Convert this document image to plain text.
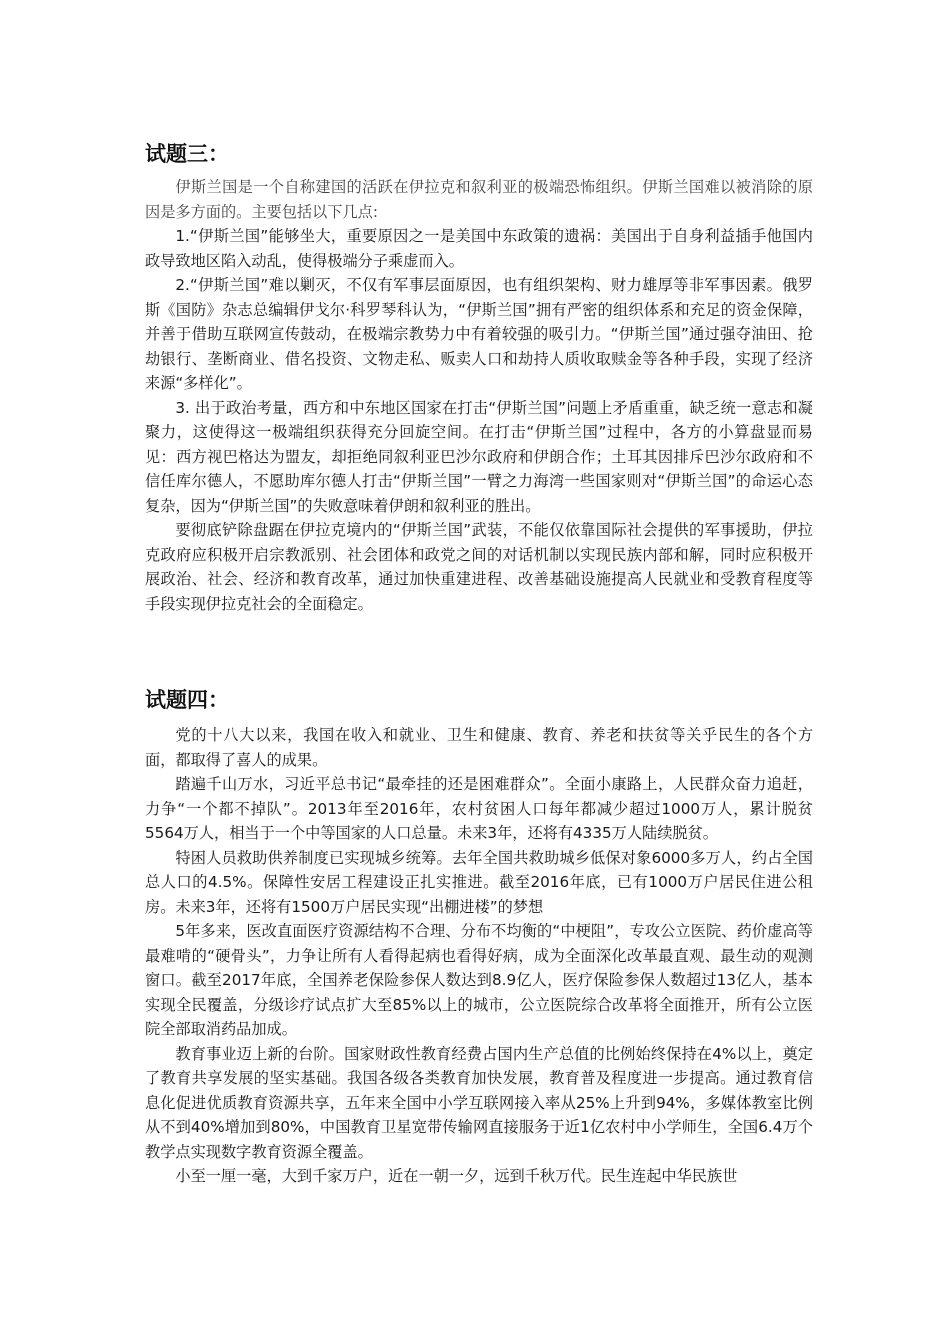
试题三：

伊斯兰国是一个自称建国的活跃在伊拉克和叙利亚的极端恐怖组织。伊斯兰国难以被消除的原因是多方面的。主要包括以下几点:

1.“伊斯兰国”能够坐大，重要原因之一是美国中东政策的遗祸：美国出于自身利益插手他国内政导致地区陷入动乱，使得极端分子乘虚而入。

2.“伊斯兰国”难以剿灭，不仅有军事层面原因，也有组织架构、财力雄厚等非军事因素。俄罗斯《国防》杂志总编辑伊戈尔·科罗琴科认为，“伊斯兰国”拥有严密的组织体系和充足的资金保障，并善于借助互联网宣传鼓动，在极端宗教势力中有着较强的吸引力。“伊斯兰国”通过强夺油田、抢劫银行、垄断商业、借名投资、文物走私、贩卖人口和劫持人质收取赎金等各种手段，实现了经济来源“多样化”。

3. 出于政治考量，西方和中东地区国家在打击“伊斯兰国”问题上矛盾重重，缺乏统一意志和凝聚力，这使得这一极端组织获得充分回旋空间。在打击“伊斯兰国”过程中，各方的小算盘显而易见：西方视巴格达为盟友，却拒绝同叙利亚巴沙尔政府和伊朗合作；土耳其因排斥巴沙尔政府和不信任库尔德人，不愿助库尔德人打击“伊斯兰国”一臂之力海湾一些国家则对“伊斯兰国”的命运心态复杂，因为“伊斯兰国”的失败意味着伊朗和叙利亚的胜出。

要彻底铲除盘踞在伊拉克境内的“伊斯兰国”武装，不能仅依靠国际社会提供的军事援助，伊拉克政府应积极开启宗教派别、社会团体和政党之间的对话机制以实现民族内部和解，同时应积极开展政治、社会、经济和教育改革，通过加快重建进程、改善基础设施提高人民就业和受教育程度等手段实现伊拉克社会的全面稳定。

试题四：

党的十八大以来，我国在收入和就业、卫生和健康、教育、养老和扶贫等关乎民生的各个方面，都取得了喜人的成果。

踏遍千山万水，习近平总书记“最牵挂的还是困难群众”。全面小康路上，人民群众奋力追赶，力争“一个都不掉队”。2013年至2016年，农村贫困人口每年都减少超过1000万人，累计脱贫5564万人，相当于一个中等国家的人口总量。未来3年，还将有4335万人陆续脱贫。

特困人员救助供养制度已实现城乡统筹。去年全国共救助城乡低保对象6000多万人，约占全国总人口的4.5%。保障性安居工程建设正扎实推进。截至2016年底，已有1000万户居民住进公租房。未来3年，还将有1500万户居民实现“出棚进楼”的梦想

5年多来，医改直面医疗资源结构不合理、分布不均衡的“中梗阻”，专攻公立医院、药价虚高等最难啃的“硬骨头”，力争让所有人看得起病也看得好病，成为全面深化改革最直观、最生动的观测窗口。截至2017年底，全国养老保险参保人数达到8.9亿人，医疗保险参保人数超过13亿人，基本实现全民覆盖，分级诊疗试点扩大至85%以上的城市，公立医院综合改革将全面推开，所有公立医院全部取消药品加成。

教育事业迈上新的台阶。国家财政性教育经费占国内生产总值的比例始终保持在4%以上，奠定了教育共享发展的坚实基础。我国各级各类教育加快发展，教育普及程度进一步提高。通过教育信息化促进优质教育资源共享，五年来全国中小学互联网接入率从25%上升到94%，多媒体教室比例从不到40%增加到80%，中国教育卫星宽带传输网直接服务于近1亿农村中小学师生，全国6.4万个教学点实现数字教育资源全覆盖。

小至一厘一毫，大到千家万户，近在一朝一夕，远到千秋万代。民生连起中华民族世
